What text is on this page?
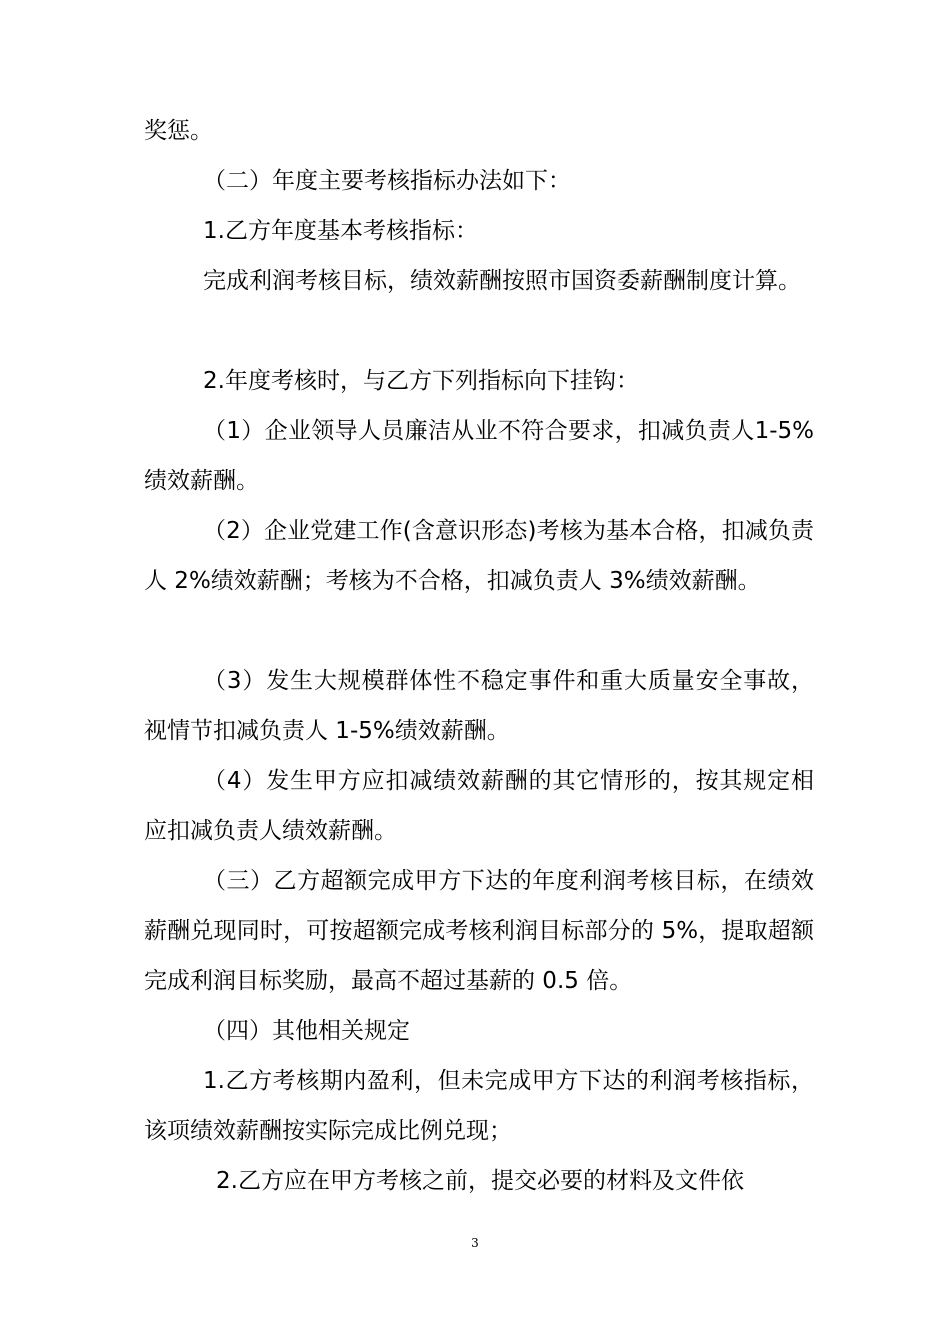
奖惩。

（二）年度主要考核指标办法如下：

1.乙方年度基本考核指标：

完成利润考核目标，绩效薪酬按照市国资委薪酬制度计算。

2.年度考核时，与乙方下列指标向下挂钩：

（1）企业领导人员廉洁从业不符合要求，扣减负责人1-5%绩效薪酬。

（2）企业党建工作(含意识形态)考核为基本合格，扣减负责人 2%绩效薪酬；考核为不合格，扣减负责人 3%绩效薪酬。

（3）发生大规模群体性不稳定事件和重大质量安全事故，视情节扣减负责人 1-5%绩效薪酬。

（4）发生甲方应扣减绩效薪酬的其它情形的，按其规定相应扣减负责人绩效薪酬。

（三）乙方超额完成甲方下达的年度利润考核目标，在绩效薪酬兑现同时，可按超额完成考核利润目标部分的 5%，提取超额完成利润目标奖励，最高不超过基薪的 0.5 倍。

（四）其他相关规定

1.乙方考核期内盈利，但未完成甲方下达的利润考核指标，该项绩效薪酬按实际完成比例兑现；

2.乙方应在甲方考核之前，提交必要的材料及文件依

3
